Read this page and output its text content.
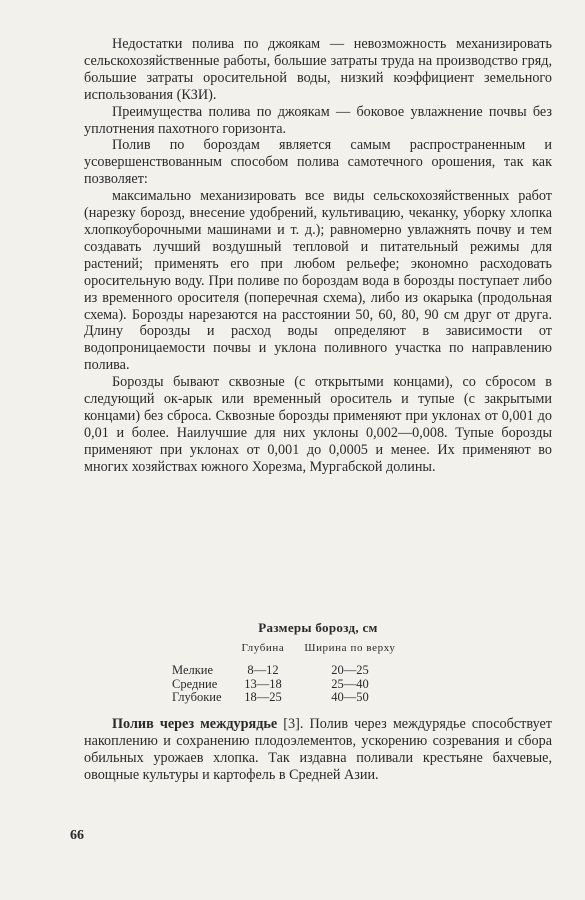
Недостатки полива по джоякам — невозможность механизировать сельскохозяйственные работы, большие затраты труда на производство гряд, большие затраты оросительной воды, низкий коэффициент земельного использования (КЗИ).

Преимущества полива по джоякам — боковое увлажнение почвы без уплотнения пахотного горизонта.

Полив по бороздам является самым распространенным и усовершенствованным способом полива самотечного орошения, так как позволяет:

максимально механизировать все виды сельскохозяйственных работ (нарезку борозд, внесение удобрений, культивацию, чеканку, уборку хлопка хлопкоуборочными машинами и т. д.); равномерно увлажнять почву и тем создавать лучший воздушный тепловой и питательный режимы для растений; применять его при любом рельефе; экономно расходовать оросительную воду. При поливе по бороздам вода в борозды поступает либо из временного оросителя (поперечная схема), либо из окарыка (продольная схема). Борозды нарезаются на расстоянии 50, 60, 80, 90 см друг от друга. Длину борозды и расход воды определяют в зависимости от водопроницаемости почвы и уклона поливного участка по направлению полива.

Борозды бывают сквозные (с открытыми концами), со сбросом в следующий ок-арык или временный ороситель и тупые (с закрытыми концами) без сброса. Сквозные борозды применяют при уклонах от 0,001 до 0,01 и более. Наилучшие для них уклоны 0,002—0,008. Тупые борозды применяют при уклонах от 0,001 до 0,0005 и менее. Их применяют во многих хозяйствах южного Хорезма, Мургабской долины.

Размеры борозд, см
	Глубина	Ширина по верху
Мелкие	8—12	20—25
Средние	13—18	25—40
Глубокие	18—25	40—50

Полив через междурядье [3]. Полив через междурядье способствует накоплению и сохранению плодоэлементов, ускорению созревания и сбора обильных урожаев хлопка. Так издавна поливали крестьяне бахчевые, овощные культуры и картофель в Средней Азии.

66
